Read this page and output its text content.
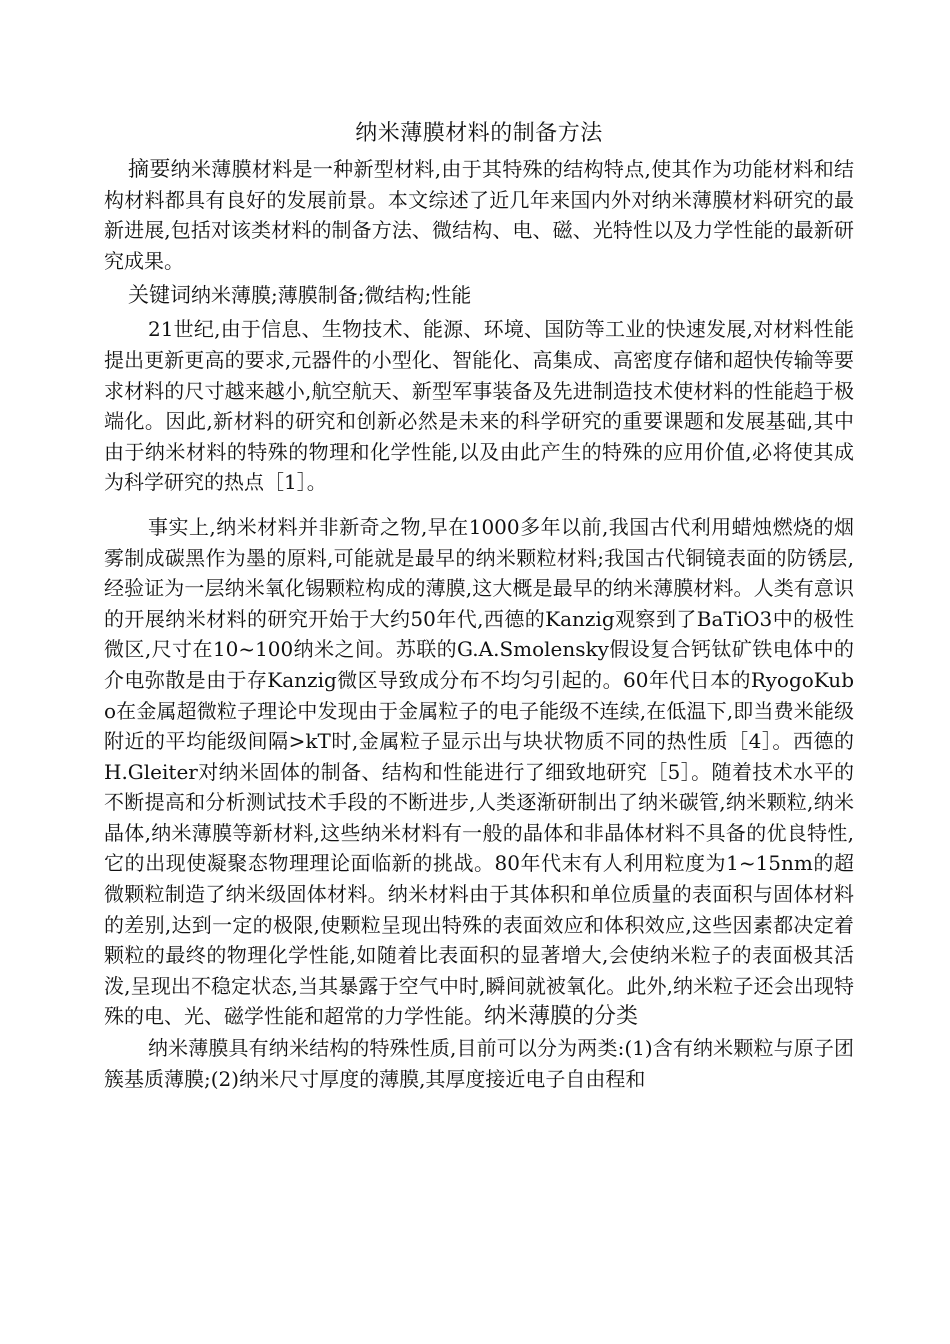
纳米薄膜材料的制备方法

摘要纳米薄膜材料是一种新型材料,由于其特殊的结构特点,使其作为功能材料和结构材料都具有良好的发展前景。本文综述了近几年来国内外对纳米薄膜材料研究的最新进展,包括对该类材料的制备方法、微结构、电、磁、光特性以及力学性能的最新研究成果。

关键词纳米薄膜;薄膜制备;微结构;性能

21世纪,由于信息、生物技术、能源、环境、国防等工业的快速发展,对材料性能提出更新更高的要求,元器件的小型化、智能化、高集成、高密度存储和超快传输等要求材料的尺寸越来越小,航空航天、新型军事装备及先进制造技术使材料的性能趋于极端化。因此,新材料的研究和创新必然是未来的科学研究的重要课题和发展基础,其中由于纳米材料的特殊的物理和化学性能,以及由此产生的特殊的应用价值,必将使其成为科学研究的热点［1］。

事实上,纳米材料并非新奇之物,早在1000多年以前,我国古代利用蜡烛燃烧的烟雾制成碳黑作为墨的原料,可能就是最早的纳米颗粒材料;我国古代铜镜表面的防锈层,经验证为一层纳米氧化锡颗粒构成的薄膜,这大概是最早的纳米薄膜材料。人类有意识的开展纳米材料的研究开始于大约50年代,西德的Kanzig观察到了BaTiO3中的极性微区,尺寸在10~100纳米之间。苏联的G.A.Smolensky假设复合钙钛矿铁电体中的介电弥散是由于存Kanzig微区导致成分布不均匀引起的。60年代日本的RyogoKubo在金属超微粒子理论中发现由于金属粒子的电子能级不连续,在低温下,即当费米能级附近的平均能级间隔>kT时,金属粒子显示出与块状物质不同的热性质［4］。西德的H.Gleiter对纳米固体的制备、结构和性能进行了细致地研究［5］。随着技术水平的不断提高和分析测试技术手段的不断进步,人类逐渐研制出了纳米碳管,纳米颗粒,纳米晶体,纳米薄膜等新材料,这些纳米材料有一般的晶体和非晶体材料不具备的优良特性,它的出现使凝聚态物理理论面临新的挑战。80年代末有人利用粒度为1~15nm的超微颗粒制造了纳米级固体材料。纳米材料由于其体积和单位质量的表面积与固体材料的差别,达到一定的极限,使颗粒呈现出特殊的表面效应和体积效应,这些因素都决定着颗粒的最终的物理化学性能,如随着比表面积的显著增大,会使纳米粒子的表面极其活泼,呈现出不稳定状态,当其暴露于空气中时,瞬间就被氧化。此外,纳米粒子还会出现特殊的电、光、磁学性能和超常的力学性能。纳米薄膜的分类

纳米薄膜具有纳米结构的特殊性质,目前可以分为两类:(1)含有纳米颗粒与原子团簇基质薄膜;(2)纳米尺寸厚度的薄膜,其厚度接近电子自由程和
